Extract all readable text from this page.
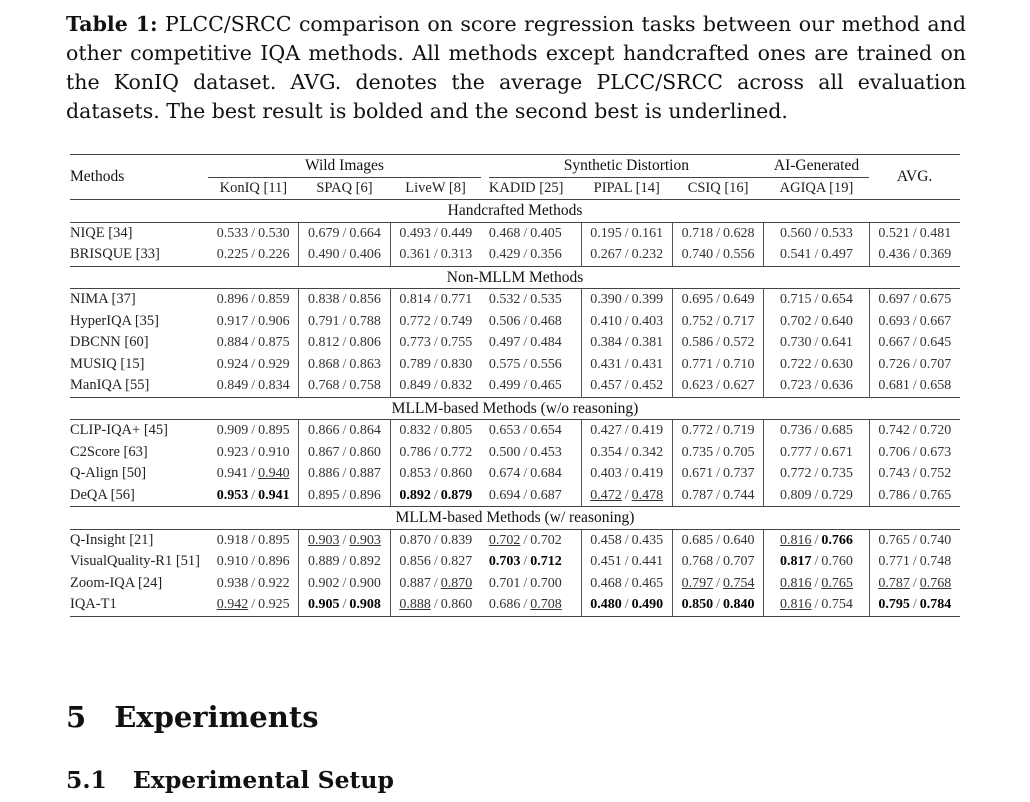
Table 1: PLCC/SRCC comparison on score regression tasks between our method and other competitive IQA methods. All methods except handcrafted ones are trained on the KonIQ dataset. AVG. denotes the average PLCC/SRCC across all evaluation datasets. The best result is bolded and the second best is underlined.
Methods	Wild Images				Synthetic Distortion			AI-Generated	AVG.
	KonIQ [11]	SPAQ [6]	LiveW [8]		KADID [25]	PIPAL [14]	CSIQ [16]	AGIQA [19]	
Handcrafted Methods									
NIQE [34]	0.533 / 0.530	0.679 / 0.664	0.493 / 0.449		0.468 / 0.405	0.195 / 0.161	0.718 / 0.628	0.560 / 0.533	0.521 / 0.481
BRISQUE [33]	0.225 / 0.226	0.490 / 0.406	0.361 / 0.313		0.429 / 0.356	0.267 / 0.232	0.740 / 0.556	0.541 / 0.497	0.436 / 0.369
Non-MLLM Methods									
NIMA [37]	0.896 / 0.859	0.838 / 0.856	0.814 / 0.771		0.532 / 0.535	0.390 / 0.399	0.695 / 0.649	0.715 / 0.654	0.697 / 0.675
HyperIQA [35]	0.917 / 0.906	0.791 / 0.788	0.772 / 0.749		0.506 / 0.468	0.410 / 0.403	0.752 / 0.717	0.702 / 0.640	0.693 / 0.667
DBCNN [60]	0.884 / 0.875	0.812 / 0.806	0.773 / 0.755		0.497 / 0.484	0.384 / 0.381	0.586 / 0.572	0.730 / 0.641	0.667 / 0.645
MUSIQ [15]	0.924 / 0.929	0.868 / 0.863	0.789 / 0.830		0.575 / 0.556	0.431 / 0.431	0.771 / 0.710	0.722 / 0.630	0.726 / 0.707
ManIQA [55]	0.849 / 0.834	0.768 / 0.758	0.849 / 0.832		0.499 / 0.465	0.457 / 0.452	0.623 / 0.627	0.723 / 0.636	0.681 / 0.658
MLLM-based Methods (w/o reasoning)									
CLIP-IQA+ [45]	0.909 / 0.895	0.866 / 0.864	0.832 / 0.805		0.653 / 0.654	0.427 / 0.419	0.772 / 0.719	0.736 / 0.685	0.742 / 0.720
C2Score [63]	0.923 / 0.910	0.867 / 0.860	0.786 / 0.772		0.500 / 0.453	0.354 / 0.342	0.735 / 0.705	0.777 / 0.671	0.706 / 0.673
Q-Align [50]	0.941 / 0.940	0.886 / 0.887	0.853 / 0.860		0.674 / 0.684	0.403 / 0.419	0.671 / 0.737	0.772 / 0.735	0.743 / 0.752
DeQA [56]	0.953 / 0.941	0.895 / 0.896	0.892 / 0.879		0.694 / 0.687	0.472 / 0.478	0.787 / 0.744	0.809 / 0.729	0.786 / 0.765
MLLM-based Methods (w/ reasoning)									
Q-Insight [21]	0.918 / 0.895	0.903 / 0.903	0.870 / 0.839		0.702 / 0.702	0.458 / 0.435	0.685 / 0.640	0.816 / 0.766	0.765 / 0.740
VisualQuality-R1 [51]	0.910 / 0.896	0.889 / 0.892	0.856 / 0.827		0.703 / 0.712	0.451 / 0.441	0.768 / 0.707	0.817 / 0.760	0.771 / 0.748
Zoom-IQA [24]	0.938 / 0.922	0.902 / 0.900	0.887 / 0.870		0.701 / 0.700	0.468 / 0.465	0.797 / 0.754	0.816 / 0.765	0.787 / 0.768
IQA-T1	0.942 / 0.925	0.905 / 0.908	0.888 / 0.860		0.686 / 0.708	0.480 / 0.490	0.850 / 0.840	0.816 / 0.754	0.795 / 0.784
5 Experiments
5.1 Experimental Setup
